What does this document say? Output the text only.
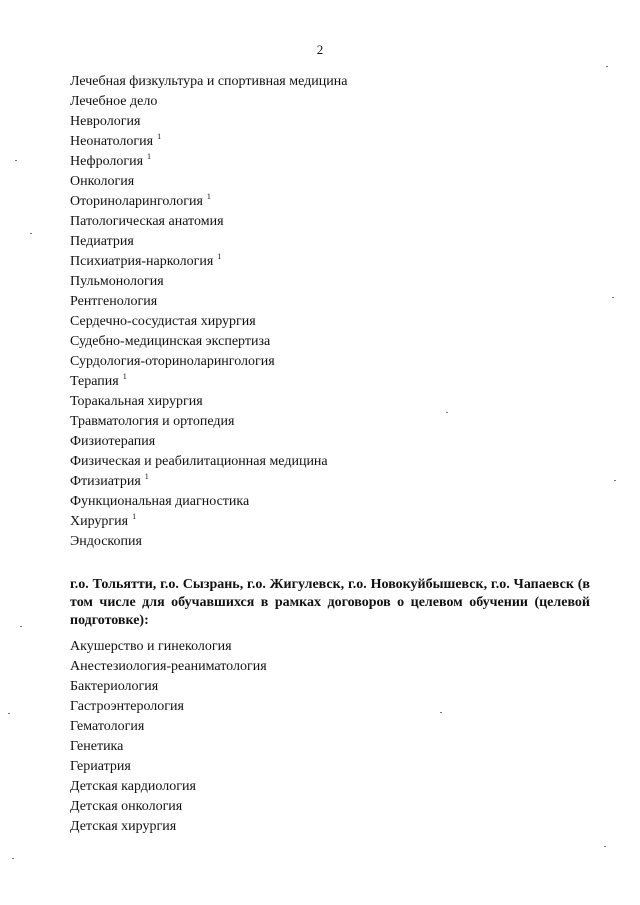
2
Лечебная физкультура и спортивная медицина
Лечебное дело
Неврология
Неонатология $^1$
Нефрология $^1$
Онкология
Оториноларингология $^1$
Патологическая анатомия
Педиатрия
Психиатрия-наркология $^1$
Пульмонология
Рентгенология
Сердечно-сосудистая хирургия
Судебно-медицинская экспертиза
Сурдология-оториноларингология
Терапия $^1$
Торакальная хирургия
Травматология и ортопедия
Физиотерапия
Физическая и реабилитационная медицина
Фтизиатрия $^1$
Функциональная диагностика
Хирургия $^1$
Эндоскопия
г.о. Тольятти, г.о. Сызрань, г.о. Жигулевск, г.о. Новокуйбышевск, г.о. Чапаевск (в том числе для обучавшихся в рамках договоров о целевом обучении (целевой подготовке):
Акушерство и гинекология
Анестезиология-реаниматология
Бактериология
Гастроэнтерология
Гематология
Генетика
Гериатрия
Детская кардиология
Детская онкология
Детская хирургия
